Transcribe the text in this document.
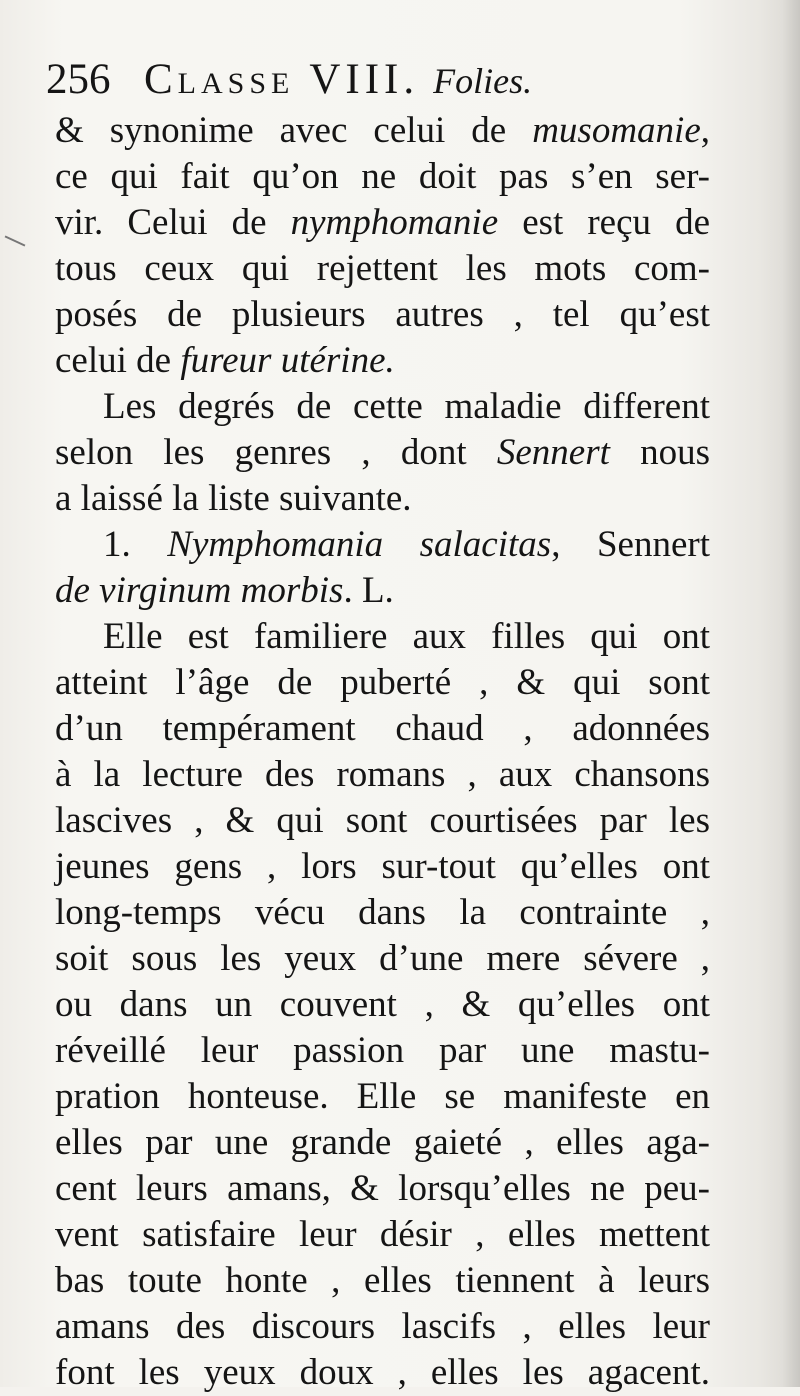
256 Classe VIII. Folies.
& synonime avec celui de musomanie,
ce qui fait qu’on ne doit pas s’en ser-
vir. Celui de nymphomanie est reçu de
tous ceux qui rejettent les mots com-
posés de plusieurs autres , tel qu’est
celui de fureur utérine.
Les degrés de cette maladie different
selon les genres , dont Sennert nous
a laissé la liste suivante.
1. Nymphomania salacitas, Sennert
de virginum morbis. L.
Elle est familiere aux filles qui ont
atteint l’âge de puberté , & qui sont
d’un tempérament chaud , adonnées
à la lecture des romans , aux chansons
lascives , & qui sont courtisées par les
jeunes gens , lors sur-tout qu’elles ont
long-temps vécu dans la contrainte ,
soit sous les yeux d’une mere sévere ,
ou dans un couvent , & qu’elles ont
réveillé leur passion par une mastu-
pration honteuse. Elle se manifeste en
elles par une grande gaieté , elles aga-
cent leurs amans, & lorsqu’elles ne peu-
vent satisfaire leur désir , elles mettent
bas toute honte , elles tiennent à leurs
amans des discours lascifs , elles leur
font les yeux doux , elles les agacent.
